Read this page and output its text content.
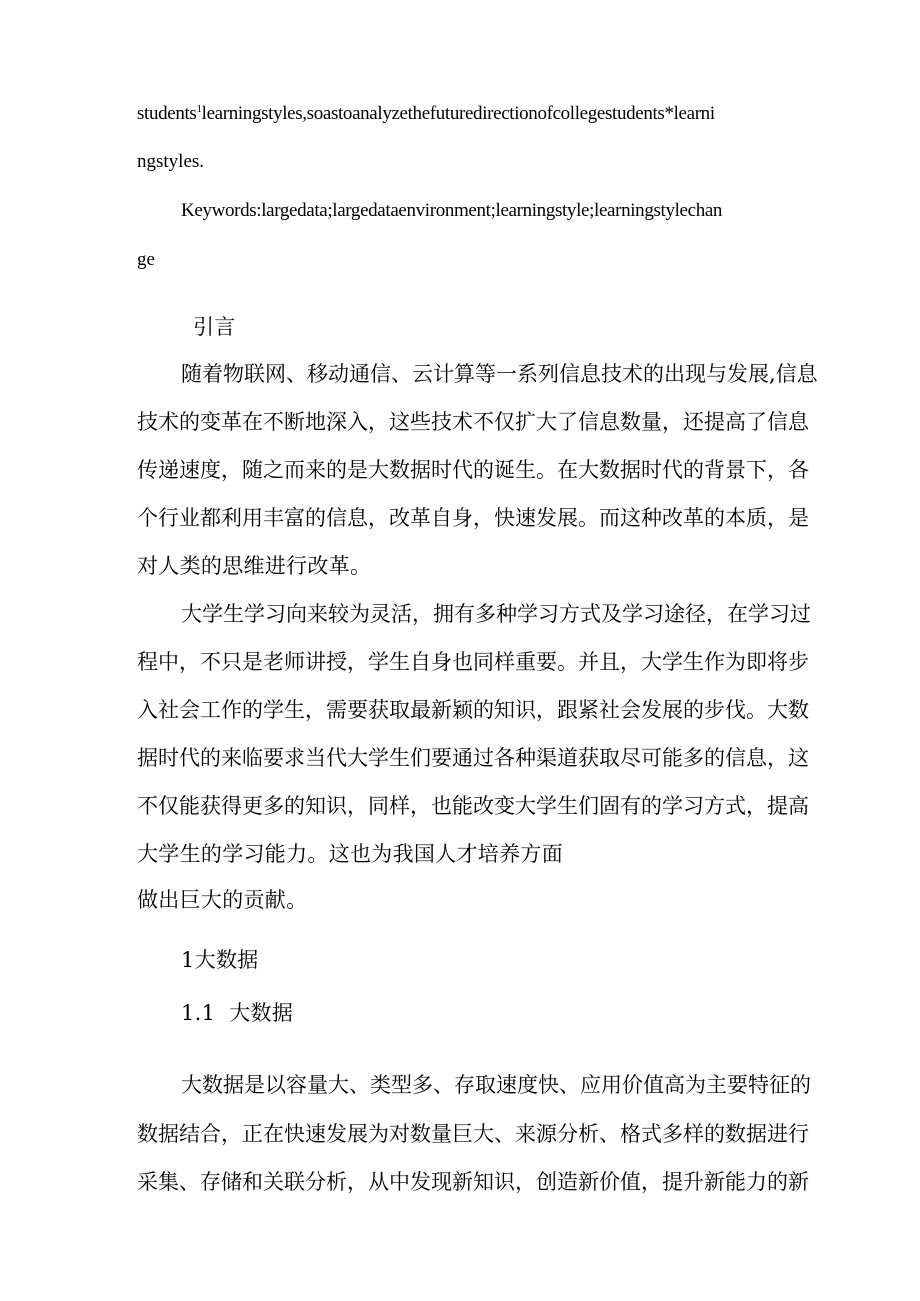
students$^1$learningstyles,soastoanalyzethefuturedirectionofcollegestudents*learni
ngstyles.
Keywords:largedata;largedataenvironment;learningstyle;learningstylechan
ge
引言
随着物联网、移动通信、云计算等一系列信息技术的出现与发展,信息
技术的变革在不断地深入，这些技术不仅扩大了信息数量，还提高了信息
传递速度，随之而来的是大数据时代的诞生。在大数据时代的背景下，各
个行业都利用丰富的信息，改革自身，快速发展。而这种改革的本质，是
对人类的思维进行改革。
大学生学习向来较为灵活，拥有多种学习方式及学习途径，在学习过
程中，不只是老师讲授，学生自身也同样重要。并且，大学生作为即将步
入社会工作的学生，需要获取最新颖的知识，跟紧社会发展的步伐。大数
据时代的来临要求当代大学生们要通过各种渠道获取尽可能多的信息，这
不仅能获得更多的知识，同样，也能改变大学生们固有的学习方式，提高
大学生的学习能力。这也为我国人才培养方面
做出巨大的贡献。
1大数据
1.1  大数据
大数据是以容量大、类型多、存取速度快、应用价值高为主要特征的
数据结合，正在快速发展为对数量巨大、来源分析、格式多样的数据进行
采集、存储和关联分析，从中发现新知识，创造新价值，提升新能力的新
